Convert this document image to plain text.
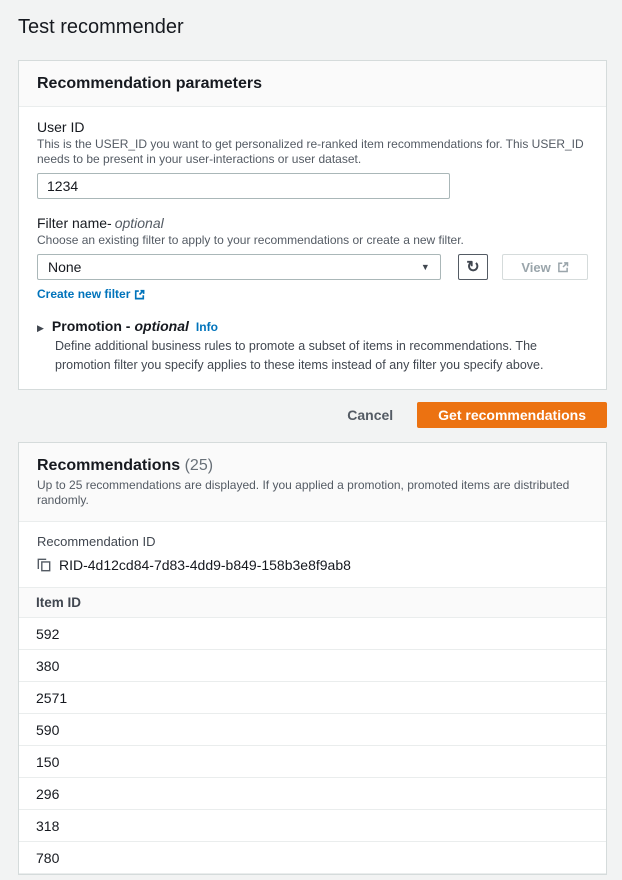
Test recommender
Recommendation parameters
User ID
This is the USER_ID you want to get personalized re-ranked item recommendations for. This USER_ID needs to be present in your user-interactions or user dataset.
1234
Filter name- optional
Choose an existing filter to apply to your recommendations or create a new filter.
None	▼ ↻	View
Create new filter
▶ Promotion - optional Info
Define additional business rules to promote a subset of items in recommendations. The promotion filter you specify applies to these items instead of any filter you specify above.
Cancel	Get recommendations
Recommendations (25)
Up to 25 recommendations are displayed. If you applied a promotion, promoted items are distributed randomly.
Recommendation ID
RID-4d12cd84-7d83-4dd9-b849-158b3e8f9ab8
Item ID
592
380
2571
590
150
296
318
780
